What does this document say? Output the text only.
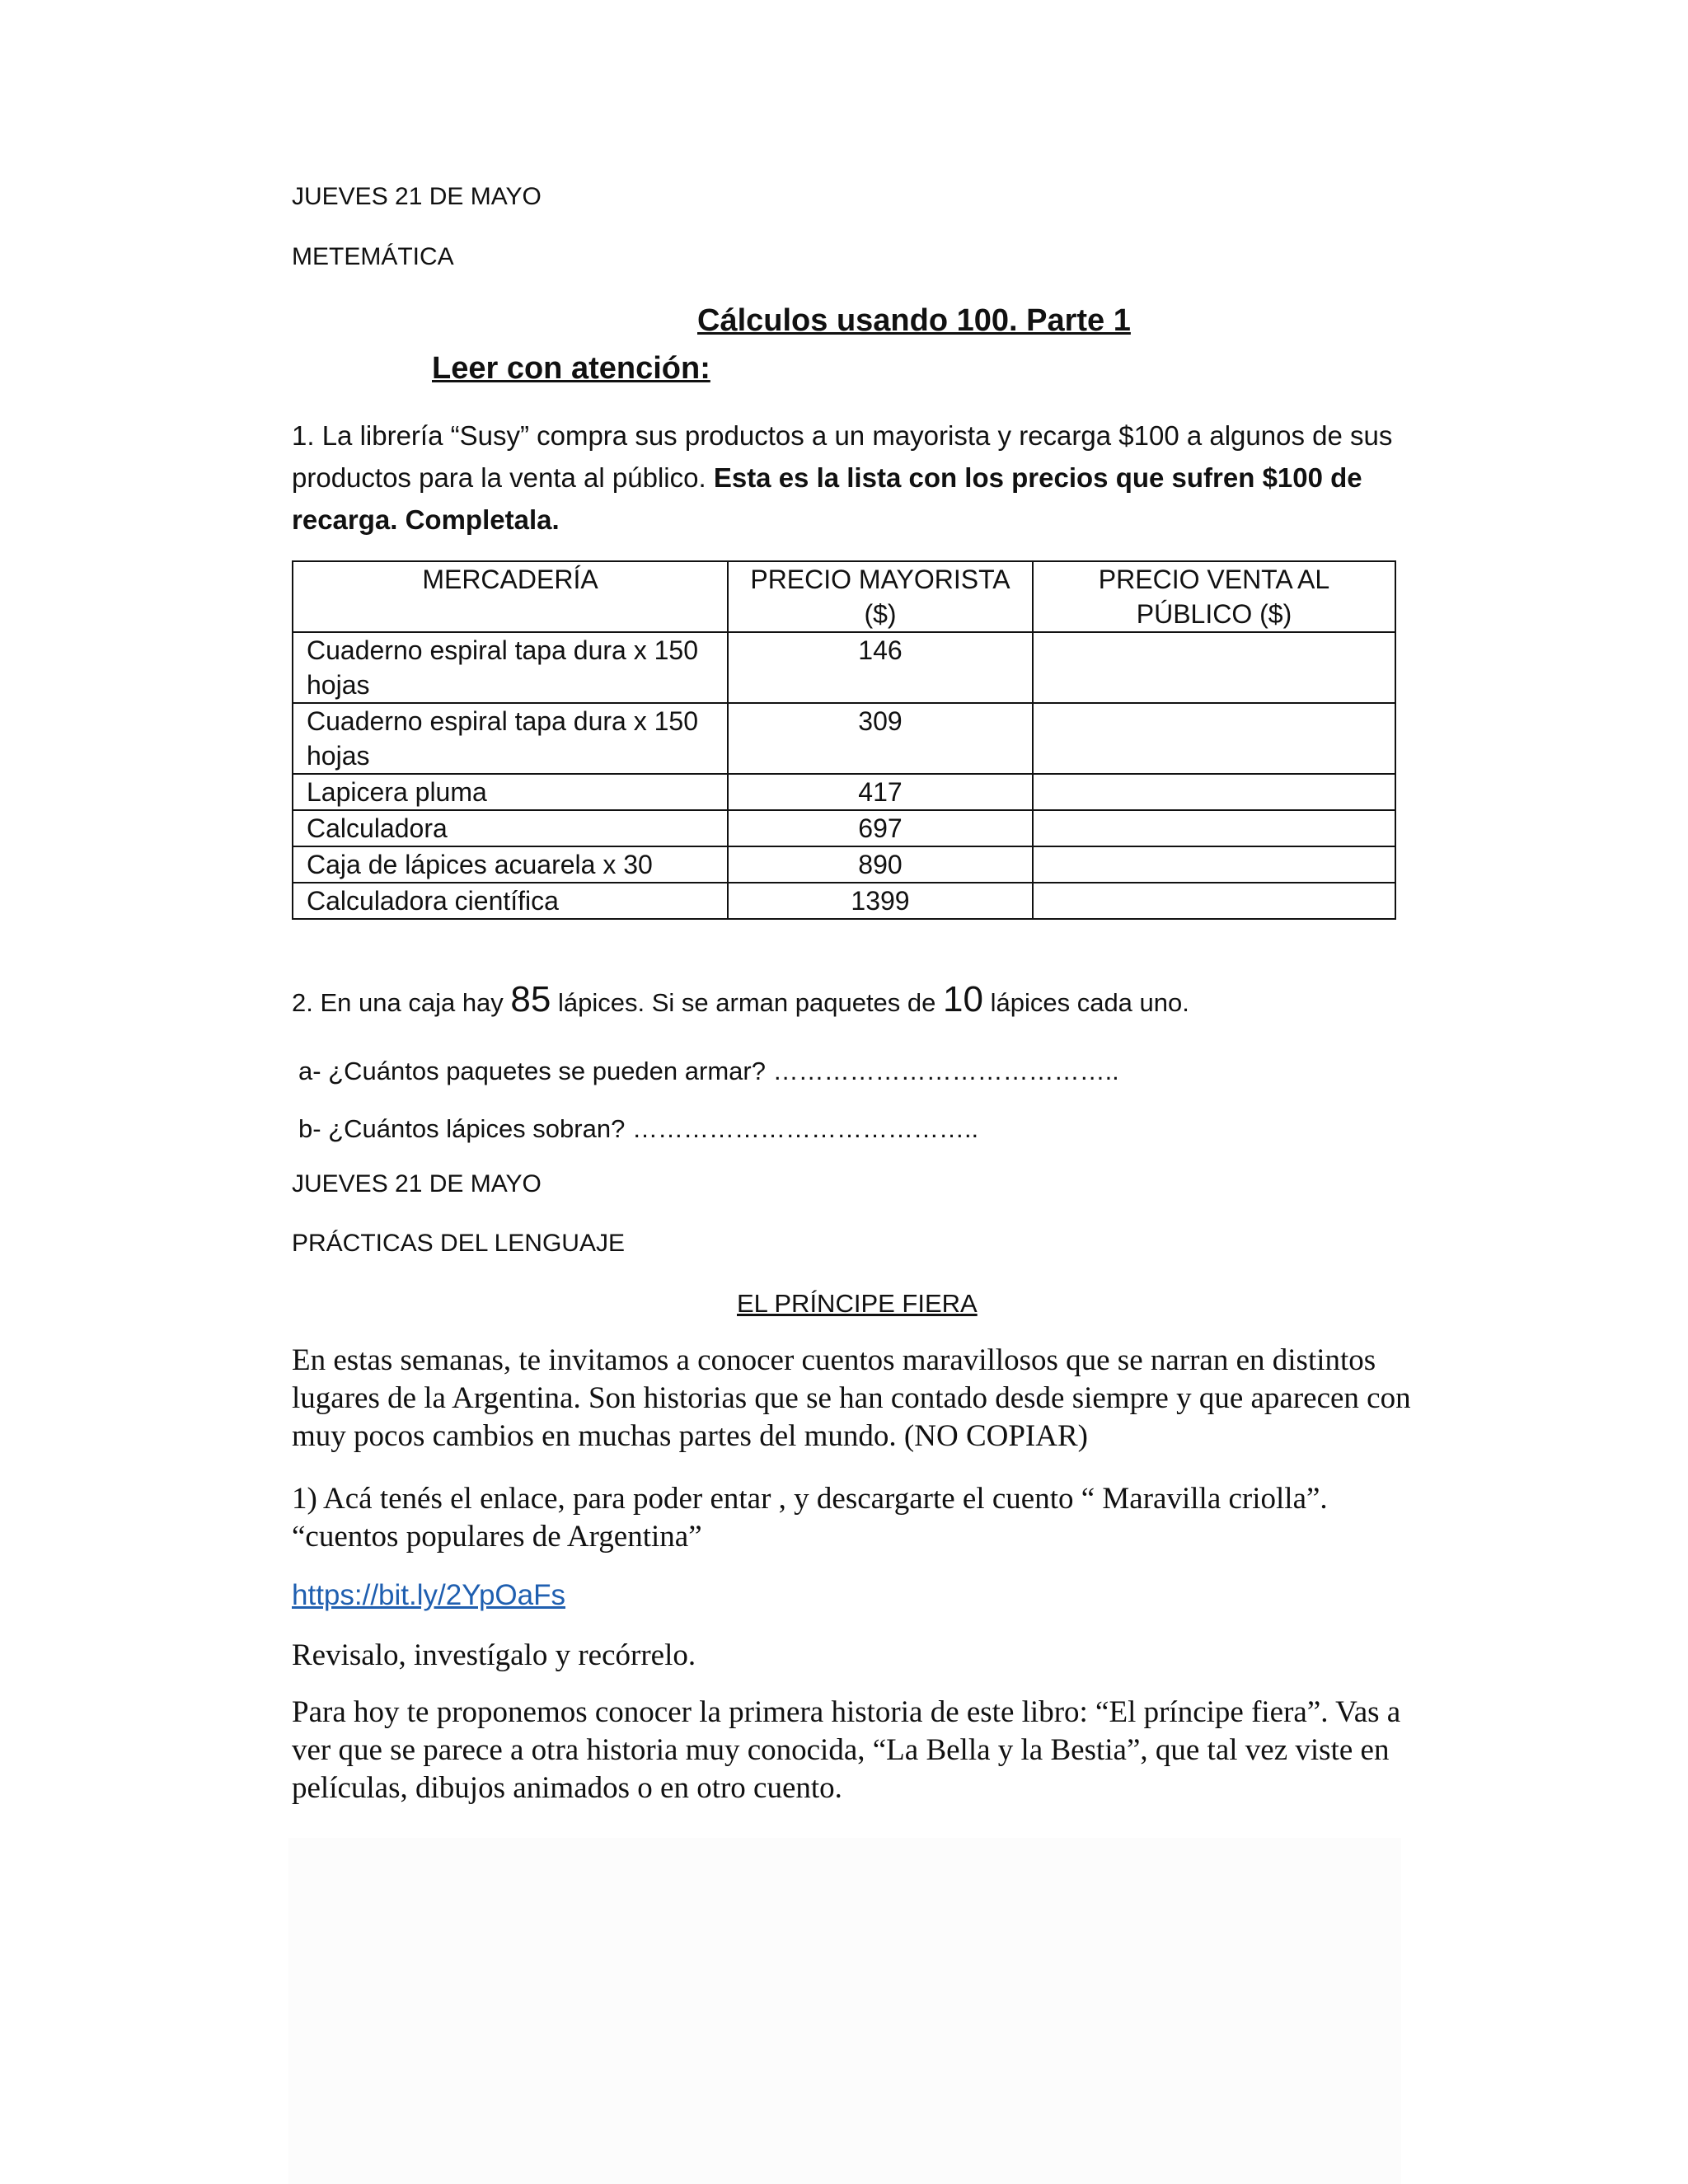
JUEVES 21 DE MAYO
METEMÁTICA
Cálculos usando 100. Parte 1
Leer con atención:
1. La librería “Susy” compra sus productos a un mayorista y recarga $100 a algunos de sus productos para la venta al público. Esta es la lista con los precios que sufren $100 de recarga. Completala.
MERCADERÍA	PRECIO MAYORISTA ($)	PRECIO VENTA AL PÚBLICO ($)
Cuaderno espiral tapa dura x 150 hojas	146	
Cuaderno espiral tapa dura x 150 hojas	309	
Lapicera pluma	417	
Calculadora	697	
Caja de lápices acuarela x 30	890	
Calculadora científica	1399	
2. En una caja hay 85 lápices. Si se arman paquetes de 10 lápices cada uno.
a- ¿Cuántos paquetes se pueden armar? …………………………………..
b- ¿Cuántos lápices sobran? …………………………………..
JUEVES 21 DE MAYO
PRÁCTICAS DEL LENGUAJE
EL PRÍNCIPE FIERA
En estas semanas, te invitamos a conocer cuentos maravillosos que se narran en distintos lugares de la Argentina. Son historias que se han contado desde siempre y que aparecen con muy pocos cambios en muchas partes del mundo. (NO COPIAR)
1) Acá tenés el enlace, para poder entar , y descargarte el cuento “ Maravilla criolla”.
“cuentos populares de Argentina”
https://bit.ly/2YpOaFs
Revisalo, investígalo y recórrelo.
Para hoy te proponemos conocer la primera historia de este libro: “El príncipe fiera”. Vas a ver que se parece a otra historia muy conocida, “La Bella y la Bestia”, que tal vez viste en películas, dibujos animados o en otro cuento.
